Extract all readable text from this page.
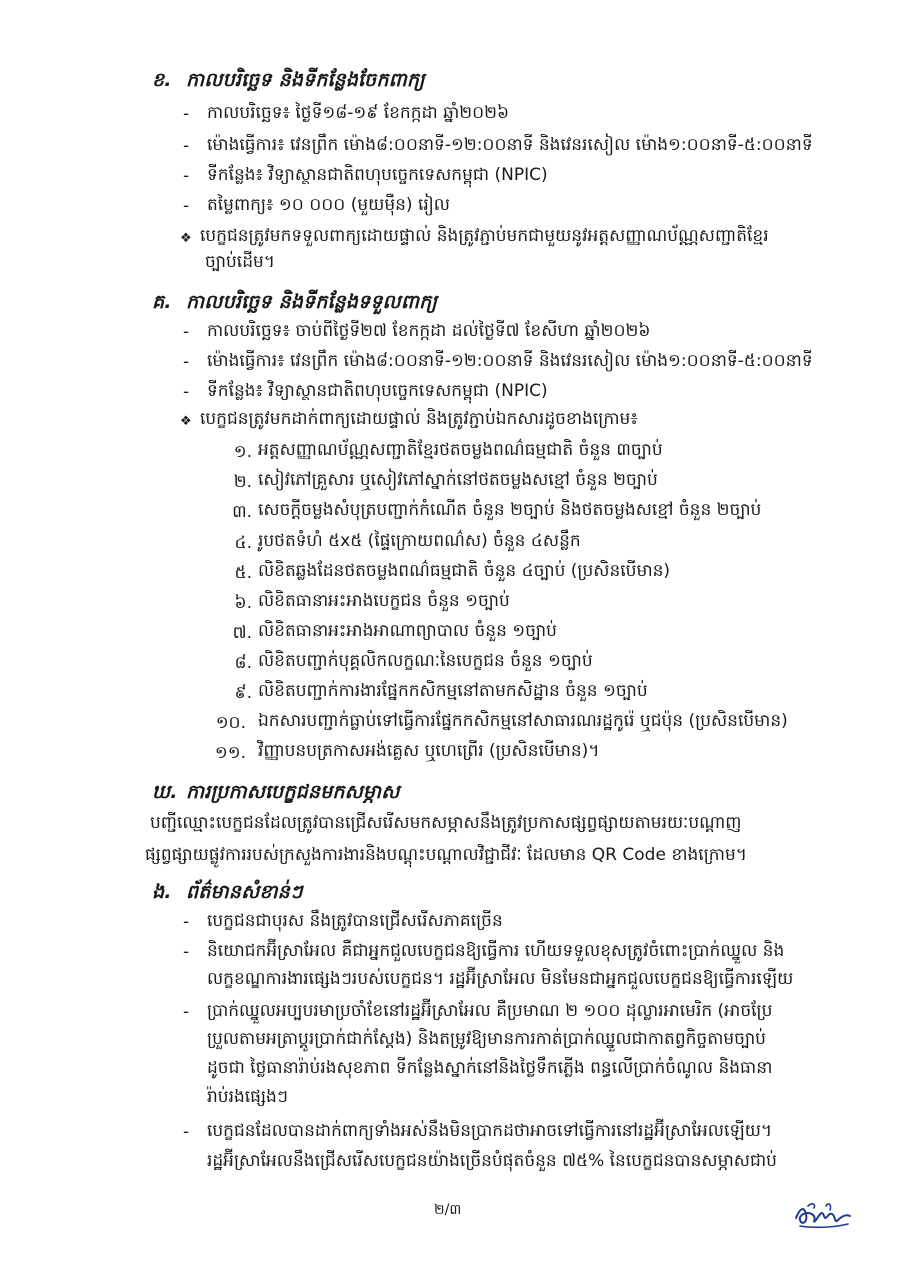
ខ. កាលបរិច្ឆេទ និងទីកន្លែងចែកពាក្យ
- កាលបរិច្ឆេទ៖ ថ្ងៃទី១៨-១៩ ខែកក្កដា ឆ្នាំ២០២៦
- ម៉ោងធ្វើការ៖ វេនព្រឹក ម៉ោង៨:០០នាទី-១២:០០នាទី និងវេនរសៀល ម៉ោង១:០០នាទី-៥:០០នាទី
- ទីកន្លែង៖ វិទ្យាស្ថានជាតិពហុបច្ចេកទេសកម្ពុជា (NPIC)
- តម្លៃពាក្យ៖ ១០ ០០០ (មួយម៉ឺន) រៀល
❖ បេក្ខជនត្រូវមកទទួលពាក្យដោយផ្ទាល់ និងត្រូវភ្ជាប់មកជាមួយនូវអត្តសញ្ញាណប័ណ្ណសញ្ជាតិខ្មែរ
ច្បាប់ដើម។
គ. កាលបរិច្ឆេទ និងទីកន្លែងទទួលពាក្យ
- កាលបរិច្ឆេទ៖ ចាប់ពីថ្ងៃទី២៧ ខែកក្កដា ដល់ថ្ងៃទី៧ ខែសីហា ឆ្នាំ២០២៦
- ម៉ោងធ្វើការ៖ វេនព្រឹក ម៉ោង៨:០០នាទី-១២:០០នាទី និងវេនរសៀល ម៉ោង១:០០នាទី-៥:០០នាទី
- ទីកន្លែង៖ វិទ្យាស្ថានជាតិពហុបច្ចេកទេសកម្ពុជា (NPIC)
❖ បេក្ខជនត្រូវមកដាក់ពាក្យដោយផ្ទាល់ និងត្រូវភ្ជាប់ឯកសារដូចខាងក្រោម៖
១. អត្តសញ្ញាណប័ណ្ណសញ្ជាតិខ្មែរថតចម្លងពណ៌ធម្មជាតិ ចំនួន ៣ច្បាប់
២. សៀវភៅគ្រួសារ ឬសៀវភៅស្នាក់នៅថតចម្លងសខ្មៅ ចំនួន ២ច្បាប់
៣. សេចក្តីចម្លងសំបុត្របញ្ជាក់កំណើត ចំនួន ២ច្បាប់ និងថតចម្លងសខ្មៅ ចំនួន ២ច្បាប់
៤. រូបថតទំហំ ៥x៥ (ផ្ទៃក្រោយពណ៌ស) ចំនួន ៤សន្លឹក
៥. លិខិតឆ្លងដែនថតចម្លងពណ៌ធម្មជាតិ ចំនួន ៤ច្បាប់ (ប្រសិនបើមាន)
៦. លិខិតធានាអះអាងបេក្ខជន ចំនួន ១ច្បាប់
៧. លិខិតធានាអះអាងអាណាព្យាបាល ចំនួន ១ច្បាប់
៨. លិខិតបញ្ជាក់បុគ្គលិកលក្ខណៈនៃបេក្ខជន ចំនួន ១ច្បាប់
៩. លិខិតបញ្ជាក់ការងារផ្នែកកសិកម្មនៅតាមកសិដ្ឋាន ចំនួន ១ច្បាប់
១០. ឯកសារបញ្ជាក់ធ្លាប់ទៅធ្វើការផ្នែកកសិកម្មនៅសាធារណរដ្ឋកូរ៉េ ឬជប៉ុន (ប្រសិនបើមាន)
១១. វិញ្ញាបនបត្រកាសអង់គ្លេស ឬហេព្រើរ (ប្រសិនបើមាន)។
ឃ. ការប្រកាសបេក្ខជនមកសម្ភាស
បញ្ជីឈ្មោះបេក្ខជនដែលត្រូវបានជ្រើសរើសមកសម្ភាសនឹងត្រូវប្រកាសផ្សព្វផ្សាយតាមរយៈបណ្តាញ
ផ្សព្វផ្សាយផ្លូវការរបស់ក្រសួងការងារនិងបណ្តុះបណ្តាលវិជ្ជាជីវៈ ដែលមាន QR Code ខាងក្រោម។
ង. ព័ត៌មានសំខាន់ៗ
- បេក្ខជនជាបុរស នឹងត្រូវបានជ្រើសរើសភាគច្រើន
- និយោជកអ៊ីស្រាអែល គឺជាអ្នកជួលបេក្ខជនឱ្យធ្វើការ ហើយទទួលខុសត្រូវចំពោះប្រាក់ឈ្នួល និង
លក្ខខណ្ឌការងារផ្សេងៗរបស់បេក្ខជន។ រដ្ឋអ៊ីស្រាអែល មិនមែនជាអ្នកជួលបេក្ខជនឱ្យធ្វើការឡើយ
- ប្រាក់ឈ្នួលអប្បបរមាប្រចាំខែនៅរដ្ឋអ៊ីស្រាអែល គឺប្រមាណ ២ ១០០ ដុល្លារអាមេរិក (អាចប្រែ
ប្រួលតាមអត្រាប្តូរប្រាក់ជាក់ស្តែង) និងតម្រូវឱ្យមានការកាត់ប្រាក់ឈ្នួលជាកាតព្វកិច្ចតាមច្បាប់
ដូចជា ថ្លៃធានារ៉ាប់រងសុខភាព ទីកន្លែងស្នាក់នៅនិងថ្លៃទឹកភ្លើង ពន្ធលើប្រាក់ចំណូល និងធានា
រ៉ាប់រងផ្សេងៗ
- បេក្ខជនដែលបានដាក់ពាក្យទាំងអស់នឹងមិនប្រាកដថាអាចទៅធ្វើការនៅរដ្ឋអ៊ីស្រាអែលឡើយ។
រដ្ឋអ៊ីស្រាអែលនឹងជ្រើសរើសបេក្ខជនយ៉ាងច្រើនបំផុតចំនួន ៧៥% នៃបេក្ខជនបានសម្ភាសជាប់
២/៣
